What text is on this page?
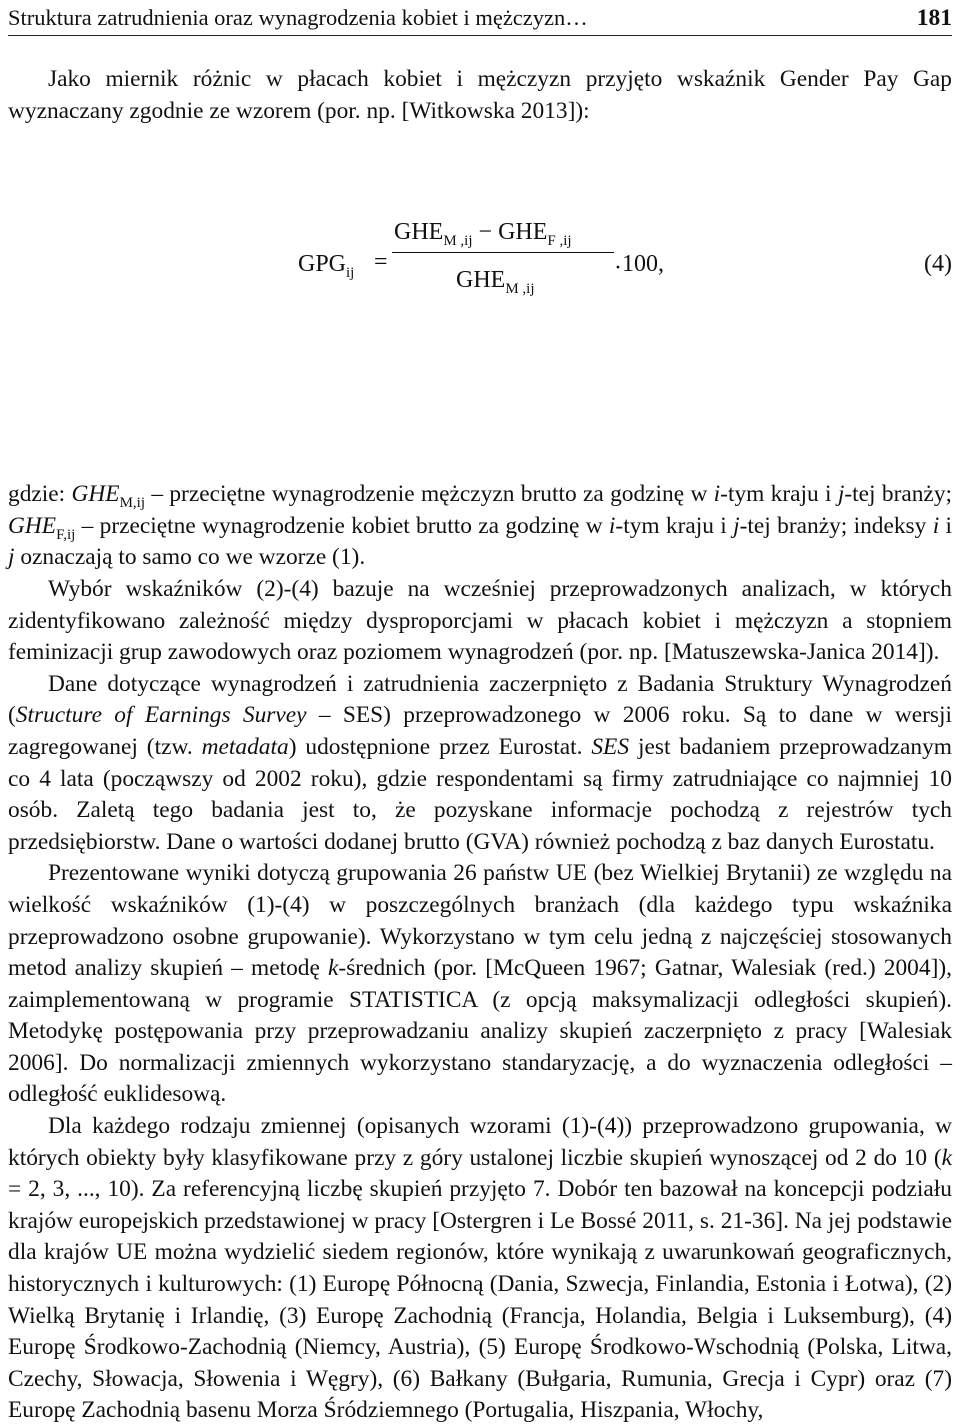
Struktura zatrudnienia oraz wynagrodzenia kobiet i mężczyzn…	181

Jako miernik różnic w płacach kobiet i mężczyzn przyjęto wskaźnik Gender Pay Gap wyznaczany zgodnie ze wzorem (por. np. [Witkowska 2013]):

$GPG_{ij}$ =
$GHE_{M ,ij} - GHE_{F ,ij}$
$GHE_{M ,ij}$
· 100,	(4)

gdzie: $GHE_{M,ij}$ – przeciętne wynagrodzenie mężczyzn brutto za godzinę w i-tym kraju i j-tej branży; $GHE_{F,ij}$ – przeciętne wynagrodzenie kobiet brutto za godzinę w i-tym kraju i j-tej branży; indeksy i i j oznaczają to samo co we wzorze (1).

Wybór wskaźników (2)-(4) bazuje na wcześniej przeprowadzonych analizach, w których zidentyfikowano zależność między dysproporcjami w płacach kobiet i mężczyzn a stopniem feminizacji grup zawodowych oraz poziomem wynagrodzeń (por. np. [Matuszewska-Janica 2014]).

Dane dotyczące wynagrodzeń i zatrudnienia zaczerpnięto z Badania Struktury Wynagrodzeń (Structure of Earnings Survey – SES) przeprowadzonego w 2006 roku. Są to dane w wersji zagregowanej (tzw. metadata) udostępnione przez Eurostat. SES jest badaniem przeprowadzanym co 4 lata (począwszy od 2002 roku), gdzie respondentami są firmy zatrudniające co najmniej 10 osób. Zaletą tego badania jest to, że pozyskane informacje pochodzą z rejestrów tych przedsiębiorstw. Dane o wartości dodanej brutto (GVA) również pochodzą z baz danych Eurostatu.

Prezentowane wyniki dotyczą grupowania 26 państw UE (bez Wielkiej Brytanii) ze względu na wielkość wskaźników (1)-(4) w poszczególnych branżach (dla każdego typu wskaźnika przeprowadzono osobne grupowanie). Wykorzystano w tym celu jedną z najczęściej stosowanych metod analizy skupień – metodę k-średnich (por. [McQueen 1967; Gatnar, Walesiak (red.) 2004]), zaimplementowaną w programie STATISTICA (z opcją maksymalizacji odległości skupień). Metodykę postępowania przy przeprowadzaniu analizy skupień zaczerpnięto z pracy [Walesiak 2006]. Do normalizacji zmiennych wykorzystano standaryzację, a do wyznaczenia odległości – odległość euklidesową.

Dla każdego rodzaju zmiennej (opisanych wzorami (1)-(4)) przeprowadzono grupowania, w których obiekty były klasyfikowane przy z góry ustalonej liczbie skupień wynoszącej od 2 do 10 (k = 2, 3, ..., 10). Za referencyjną liczbę skupień przyjęto 7. Dobór ten bazował na koncepcji podziału krajów europejskich przedstawionej w pracy [Ostergren i Le Bossé 2011, s. 21-36]. Na jej podstawie dla krajów UE można wydzielić siedem regionów, które wynikają z uwarunkowań geograficznych, historycznych i kulturowych: (1) Europę Północną (Dania, Szwecja, Finlandia, Estonia i Łotwa), (2) Wielką Brytanię i Irlandię, (3) Europę Zachodnią (Francja, Holandia, Belgia i Luksemburg), (4) Europę Środkowo-Zachodnią (Niemcy, Austria), (5) Europę Środkowo-Wschodnią (Polska, Litwa, Czechy, Słowacja, Słowenia i Węgry), (6) Bałkany (Bułgaria, Rumunia, Grecja i Cypr) oraz (7) Europę Zachodnią basenu Morza Śródziemnego (Portugalia, Hiszpania, Włochy,
